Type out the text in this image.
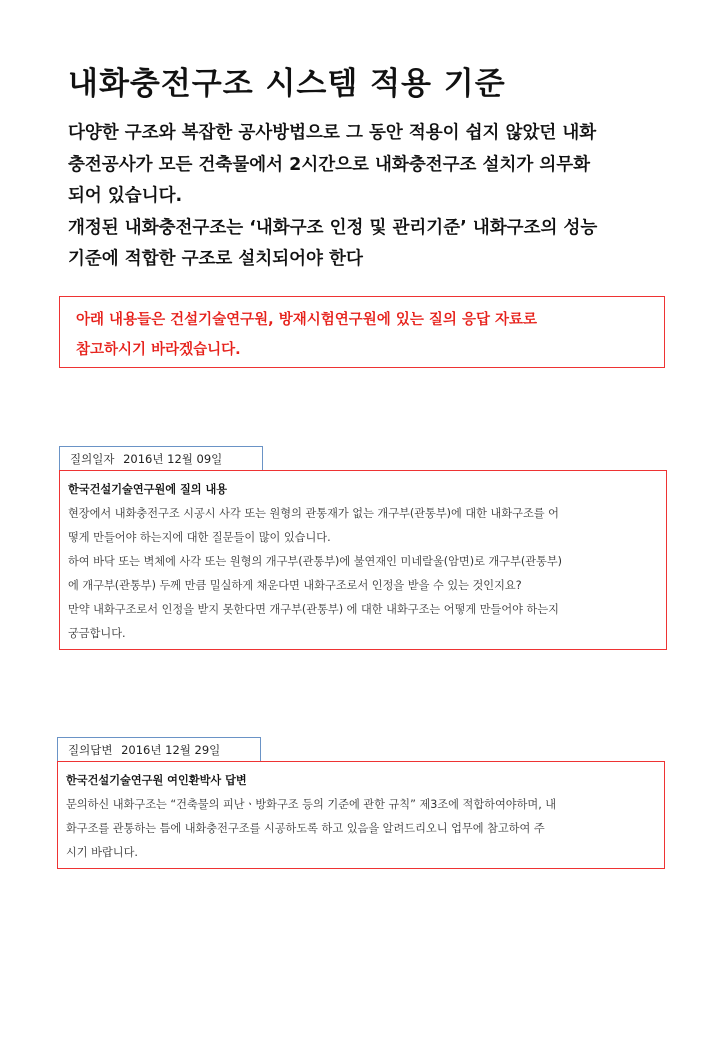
내화충전구조 시스템 적용 기준

다양한 구조와 복잡한 공사방법으로 그 동안 적용이 쉽지 않았던 내화

충전공사가 모든 건축물에서 2시간으로 내화충전구조 설치가 의무화

되어 있습니다.

개정된 내화충전구조는 ‘내화구조 인정 및 관리기준’ 내화구조의 성능

기준에 적합한 구조로 설치되어야 한다

아래 내용들은 건설기술연구원, 방재시험연구원에 있는 질의 응답 자료로

참고하시기 바라겠습니다.

질의일자 2016년 12월 09일

한국건설기술연구원에 질의 내용

현장에서 내화충전구조 시공시 사각 또는 원형의 관통재가 없는 개구부(관통부)에 대한 내화구조를 어

떻게 만들어야 하는지에 대한 질문들이 많이 있습니다.

하여 바닥 또는 벽체에 사각 또는 원형의 개구부(관통부)에 불연재인 미네랄울(암면)로 개구부(관통부)

에 개구부(관통부) 두께 만큼 밀실하게 채운다면 내화구조로서 인정을 받을 수 있는 것인지요?

만약 내화구조로서 인정을 받지 못한다면 개구부(관통부) 에 대한 내화구조는 어떻게 만들어야 하는지

궁금합니다.

질의답변 2016년 12월 29일

한국건설기술연구원 여인환박사 답변

문의하신 내화구조는 “건축물의 피난ㆍ방화구조 등의 기준에 관한 규칙” 제3조에 적합하여야하며, 내

화구조를 관통하는 틈에 내화충전구조를 시공하도록 하고 있음을 알려드리오니 업무에 참고하여 주

시기 바랍니다.
